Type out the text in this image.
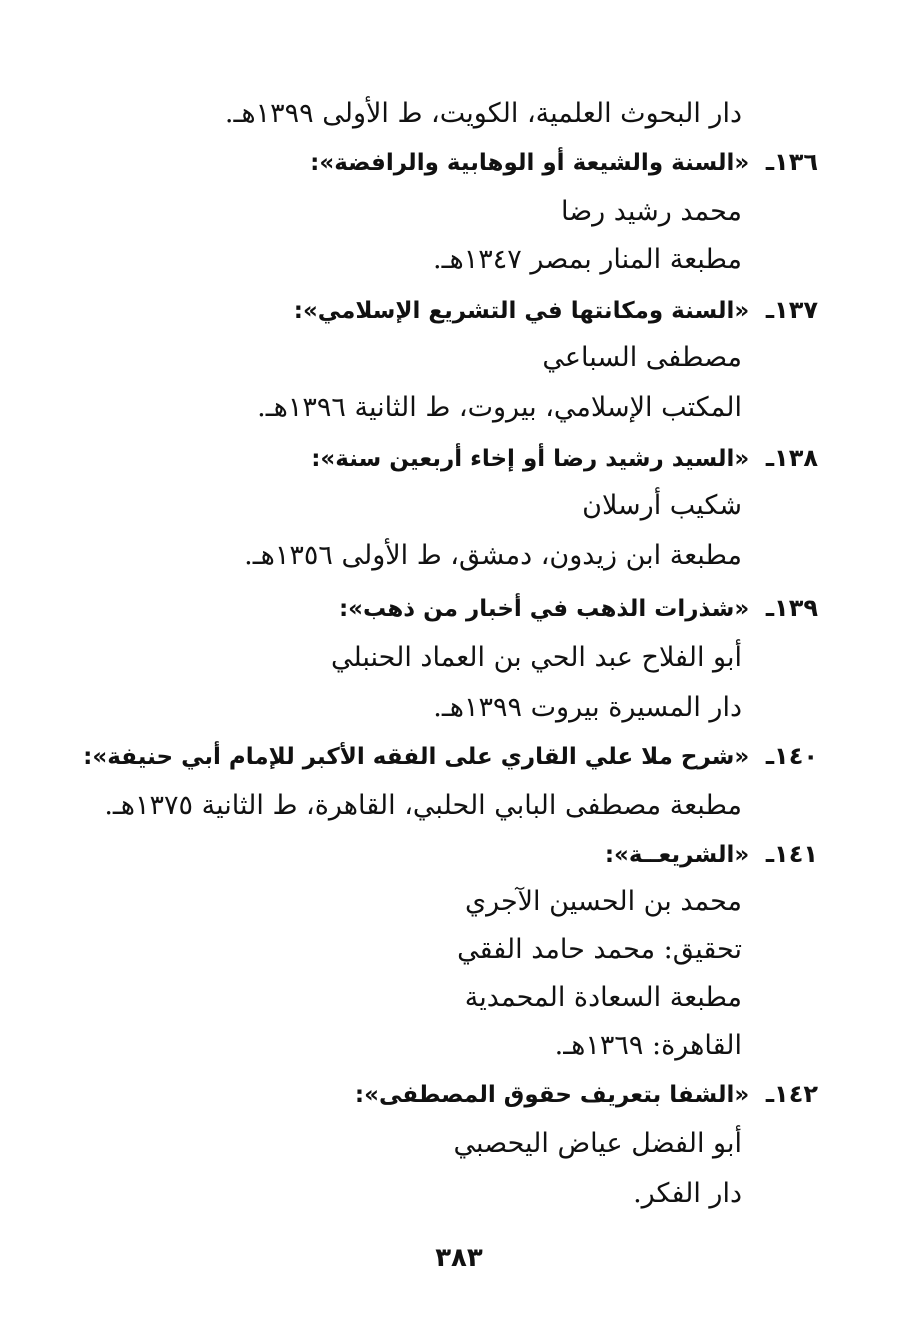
دار البحوث العلمية، الكويت، ط الأولى ١٣٩٩هـ.
١٣٦ـ «السنة والشيعة أو الوهابية والرافضة»:
محمد رشيد رضا
مطبعة المنار بمصر ١٣٤٧هـ.
١٣٧ـ «السنة ومكانتها في التشريع الإسلامي»:
مصطفى السباعي
المكتب الإسلامي، بيروت، ط الثانية ١٣٩٦هـ.
١٣٨ـ «السيد رشيد رضا أو إخاء أربعين سنة»:
شكيب أرسلان
مطبعة ابن زيدون، دمشق، ط الأولى ١٣٥٦هـ.
١٣٩ـ «شذرات الذهب في أخبار من ذهب»:
أبو الفلاح عبد الحي بن العماد الحنبلي
دار المسيرة بيروت ١٣٩٩هـ.
١٤٠ـ «شرح ملا علي القاري على الفقه الأكبر للإمام أبي حنيفة»:
مطبعة مصطفى البابي الحلبي، القاهرة، ط الثانية ١٣٧٥هـ.
١٤١ـ «الشريعــة»:
محمد بن الحسين الآجري
تحقيق: محمد حامد الفقي
مطبعة السعادة المحمدية
القاهرة: ١٣٦٩هـ.
١٤٢ـ «الشفا بتعريف حقوق المصطفى»:
أبو الفضل عياض اليحصبي
دار الفكر.
٣٨٣
